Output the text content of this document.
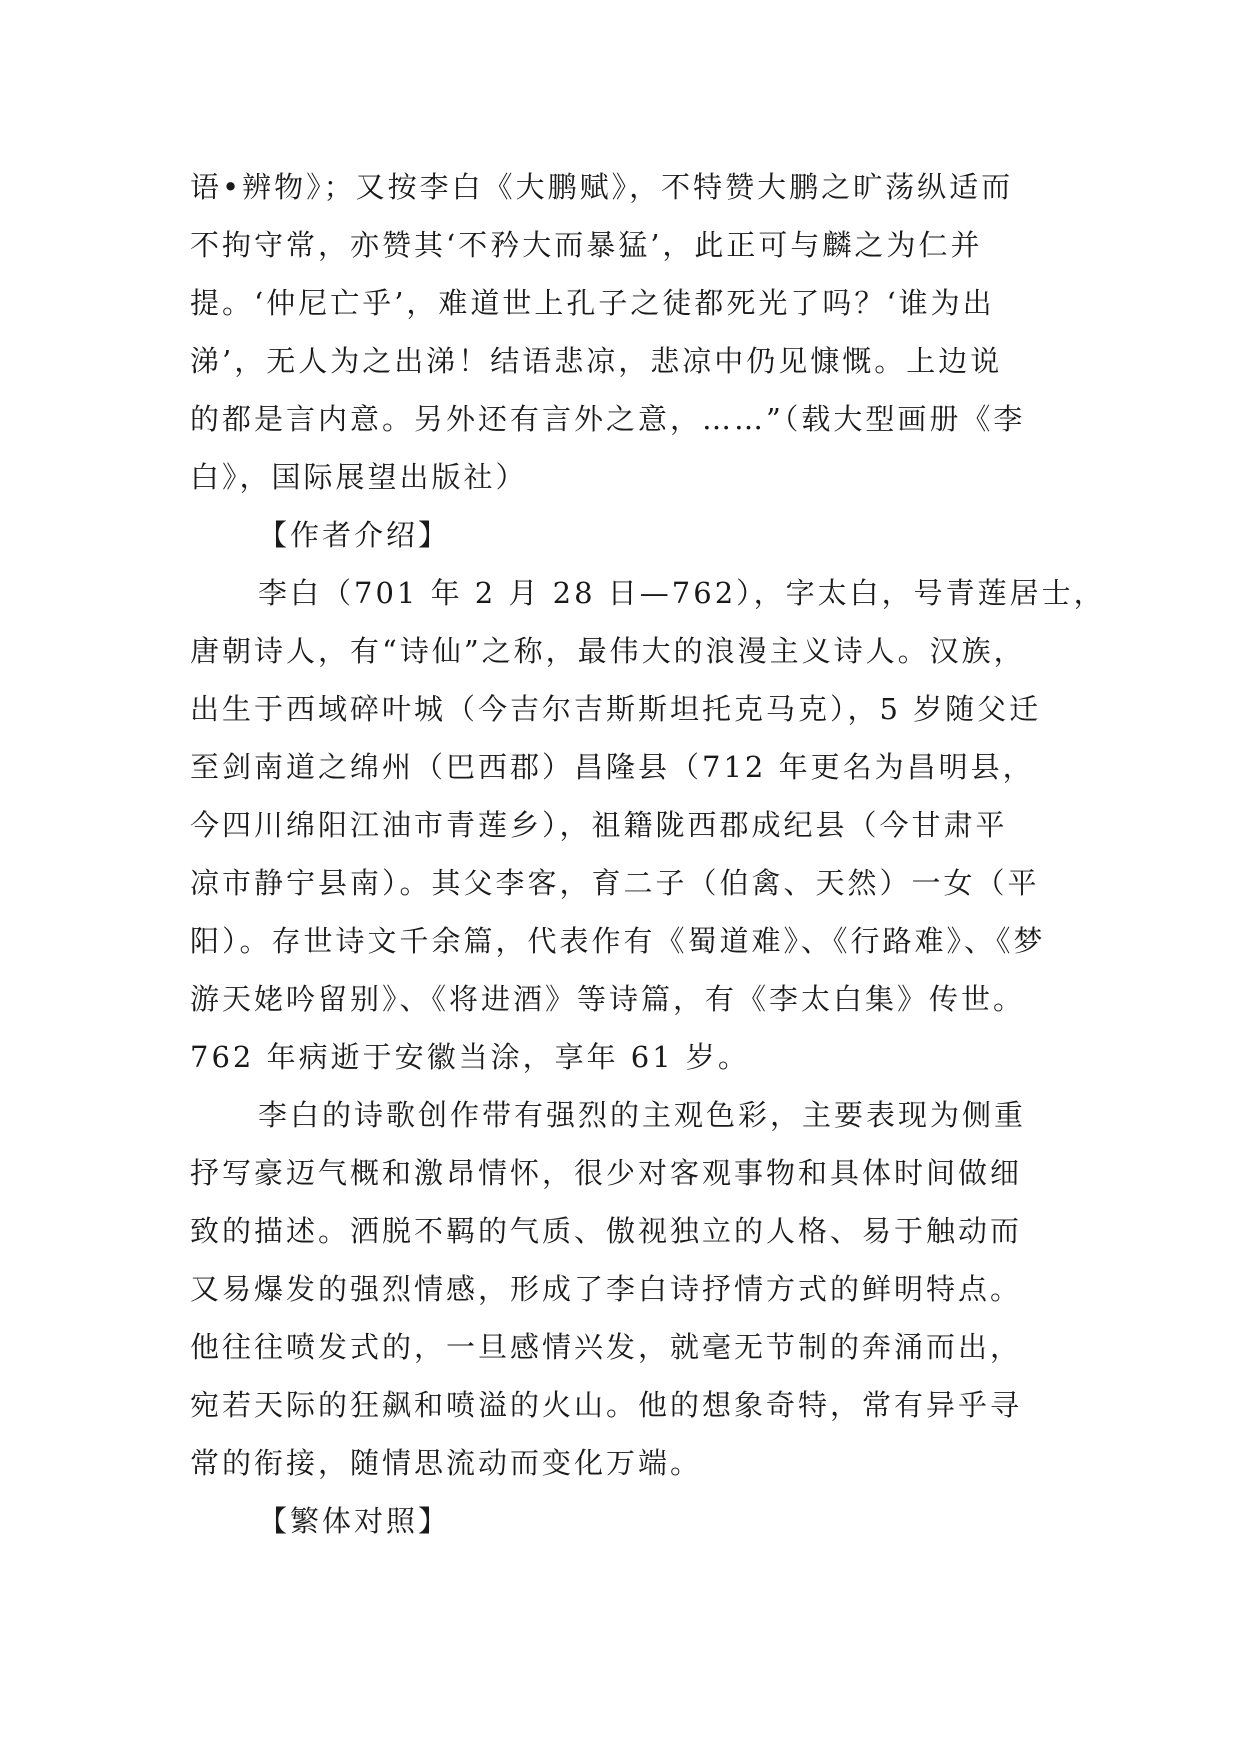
语•辨物》；又按李白《大鹏赋》，不特赞大鹏之旷荡纵适而
不拘守常，亦赞其‘不矜大而暴猛’，此正可与麟之为仁并
提。‘仲尼亡乎’，难道世上孔子之徒都死光了吗？‘谁为出
涕’，无人为之出涕！结语悲凉，悲凉中仍见慷慨。上边说
的都是言内意。另外还有言外之意，……”（载大型画册《李
白》，国际展望出版社）
【作者介绍】
李白（701 年 2 月 28 日—762），字太白，号青莲居士，
唐朝诗人，有“诗仙”之称，最伟大的浪漫主义诗人。汉族，
出生于西域碎叶城（今吉尔吉斯斯坦托克马克），5 岁随父迁
至剑南道之绵州（巴西郡）昌隆县（712 年更名为昌明县，
今四川绵阳江油市青莲乡），祖籍陇西郡成纪县（今甘肃平
凉市静宁县南）。其父李客，育二子（伯禽、天然）一女（平
阳）。存世诗文千余篇，代表作有《蜀道难》、《行路难》、《梦
游天姥吟留别》、《将进酒》等诗篇，有《李太白集》传世。
762 年病逝于安徽当涂，享年 61 岁。
李白的诗歌创作带有强烈的主观色彩，主要表现为侧重
抒写豪迈气概和激昂情怀，很少对客观事物和具体时间做细
致的描述。洒脱不羁的气质、傲视独立的人格、易于触动而
又易爆发的强烈情感，形成了李白诗抒情方式的鲜明特点。
他往往喷发式的，一旦感情兴发，就毫无节制的奔涌而出，
宛若天际的狂飙和喷溢的火山。他的想象奇特，常有异乎寻
常的衔接，随情思流动而变化万端。
【繁体对照】
